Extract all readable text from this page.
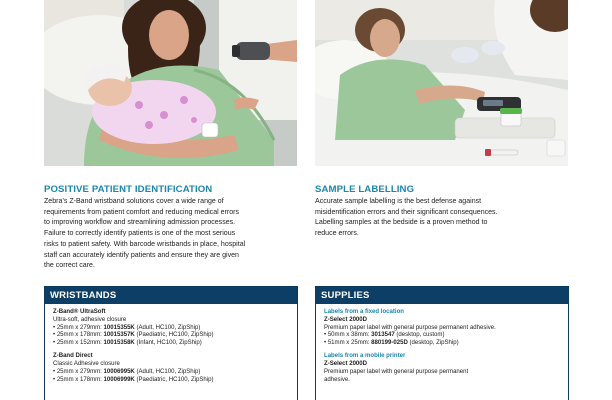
POSITIVE PATIENT IDENTIFICATION

Zebra’s Z-Band wristband solutions cover a wide range of

requirements from patient comfort and reducing medical errors

to improving workflow and streamlining admission processes.

Failure to correctly identify patients is one of the most serious

risks to patient safety. With barcode wristbands in place, hospital

staff can accurately identify patients and ensure they are given

the correct care.

SAMPLE LABELLING

Accurate sample labelling is the best defense against

misidentification errors and their significant consequences.

Labelling samples at the bedside is a proven method to

reduce errors.

WRISTBANDS
Z-Band® UltraSoft
Ultra-soft, adhesive closure
• 25mm x 279mm: 10015355K (Adult, HC100, ZipShip)
• 25mm x 178mm: 10015357K (Paediatric, HC100, ZipShip)
• 25mm x 152mm: 10015358K (Infant, HC100, ZipShip)
Z-Band Direct
Classic Adhesive closure
• 25mm x 279mm: 10006995K (Adult, HC100, ZipShip)
• 25mm x 178mm: 10006999K (Paediatric, HC100, ZipShip)
SUPPLIES
Labels from a fixed location
Z-Select 2000D
Premium paper label with general purpose permanent adhesive.
• 50mm x 38mm: 3013547 (desktop, custom)
• 51mm x 25mm: 880199-025D (desktop, ZipShip)
Labels from a mobile printer
Z-Select 2000D
Premium paper label with general purpose permanent
adhesive.
